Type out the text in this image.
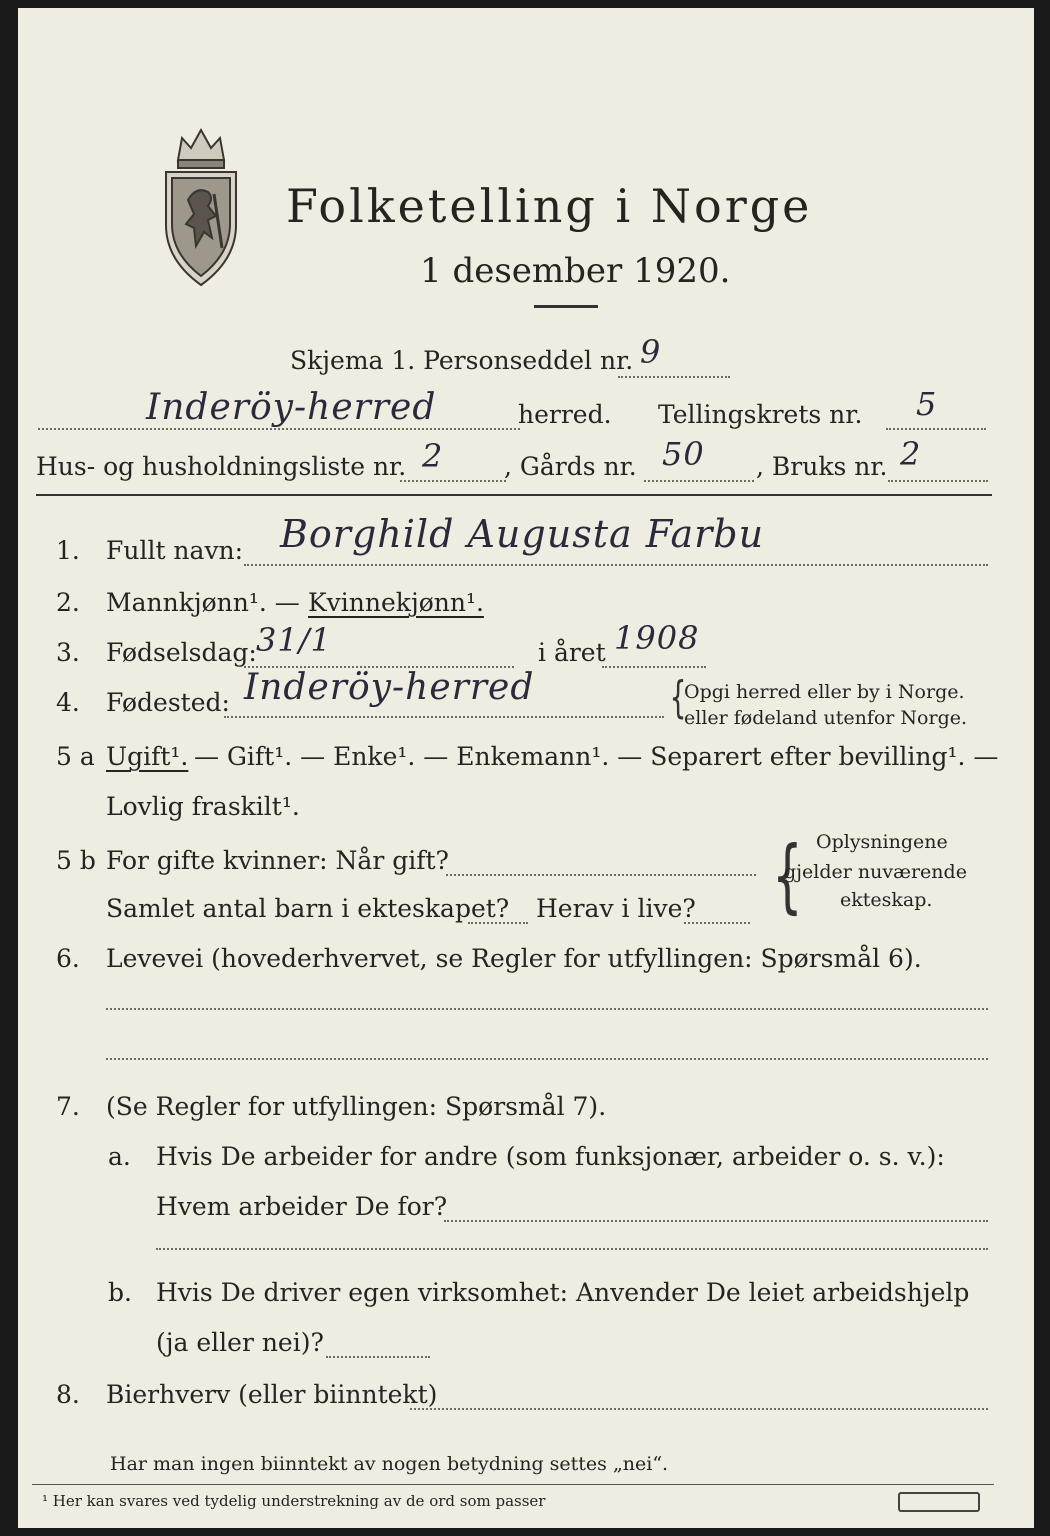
Folketelling i Norge
1 desember 1920.
Skjema 1. Personseddel nr. 9
Inderöy-herred	herred. Tellingskrets nr. 5
Hus- og husholdningsliste nr. 2 , Gårds nr. 50 , Bruks nr. 2
1. Fullt navn: Borghild Augusta Farbu
2. Mannkjønn¹. — Kvinnekjønn¹.
3. Fødselsdag: 31/1	i året 1908
4. Fødested: Inderöy-herred	{
Opgi herred eller by i Norge.
eller fødeland utenfor Norge.
5 a Ugift¹. — Gift¹. — Enke¹. — Enkemann¹. — Separert efter bevilling¹. —
Lovlig fraskilt¹.
5 b For gifte kvinner: Når gift?
Samlet antal barn i ekteskapet? Herav i live? { Oplysningene
gjelder nuværende
ekteskap.
6. Levevei (hovederhvervet, se Regler for utfyllingen: Spørsmål 6).
7. (Se Regler for utfyllingen: Spørsmål 7).
a. Hvis De arbeider for andre (som funksjonær, arbeider o. s. v.):
Hvem arbeider De for?
b. Hvis De driver egen virksomhet: Anvender De leiet arbeidshjelp
(ja eller nei)?
8. Bierhverv (eller biinntekt)
Har man ingen biinntekt av nogen betydning settes „nei“.
¹ Her kan svares ved tydelig understrekning av de ord som passer
